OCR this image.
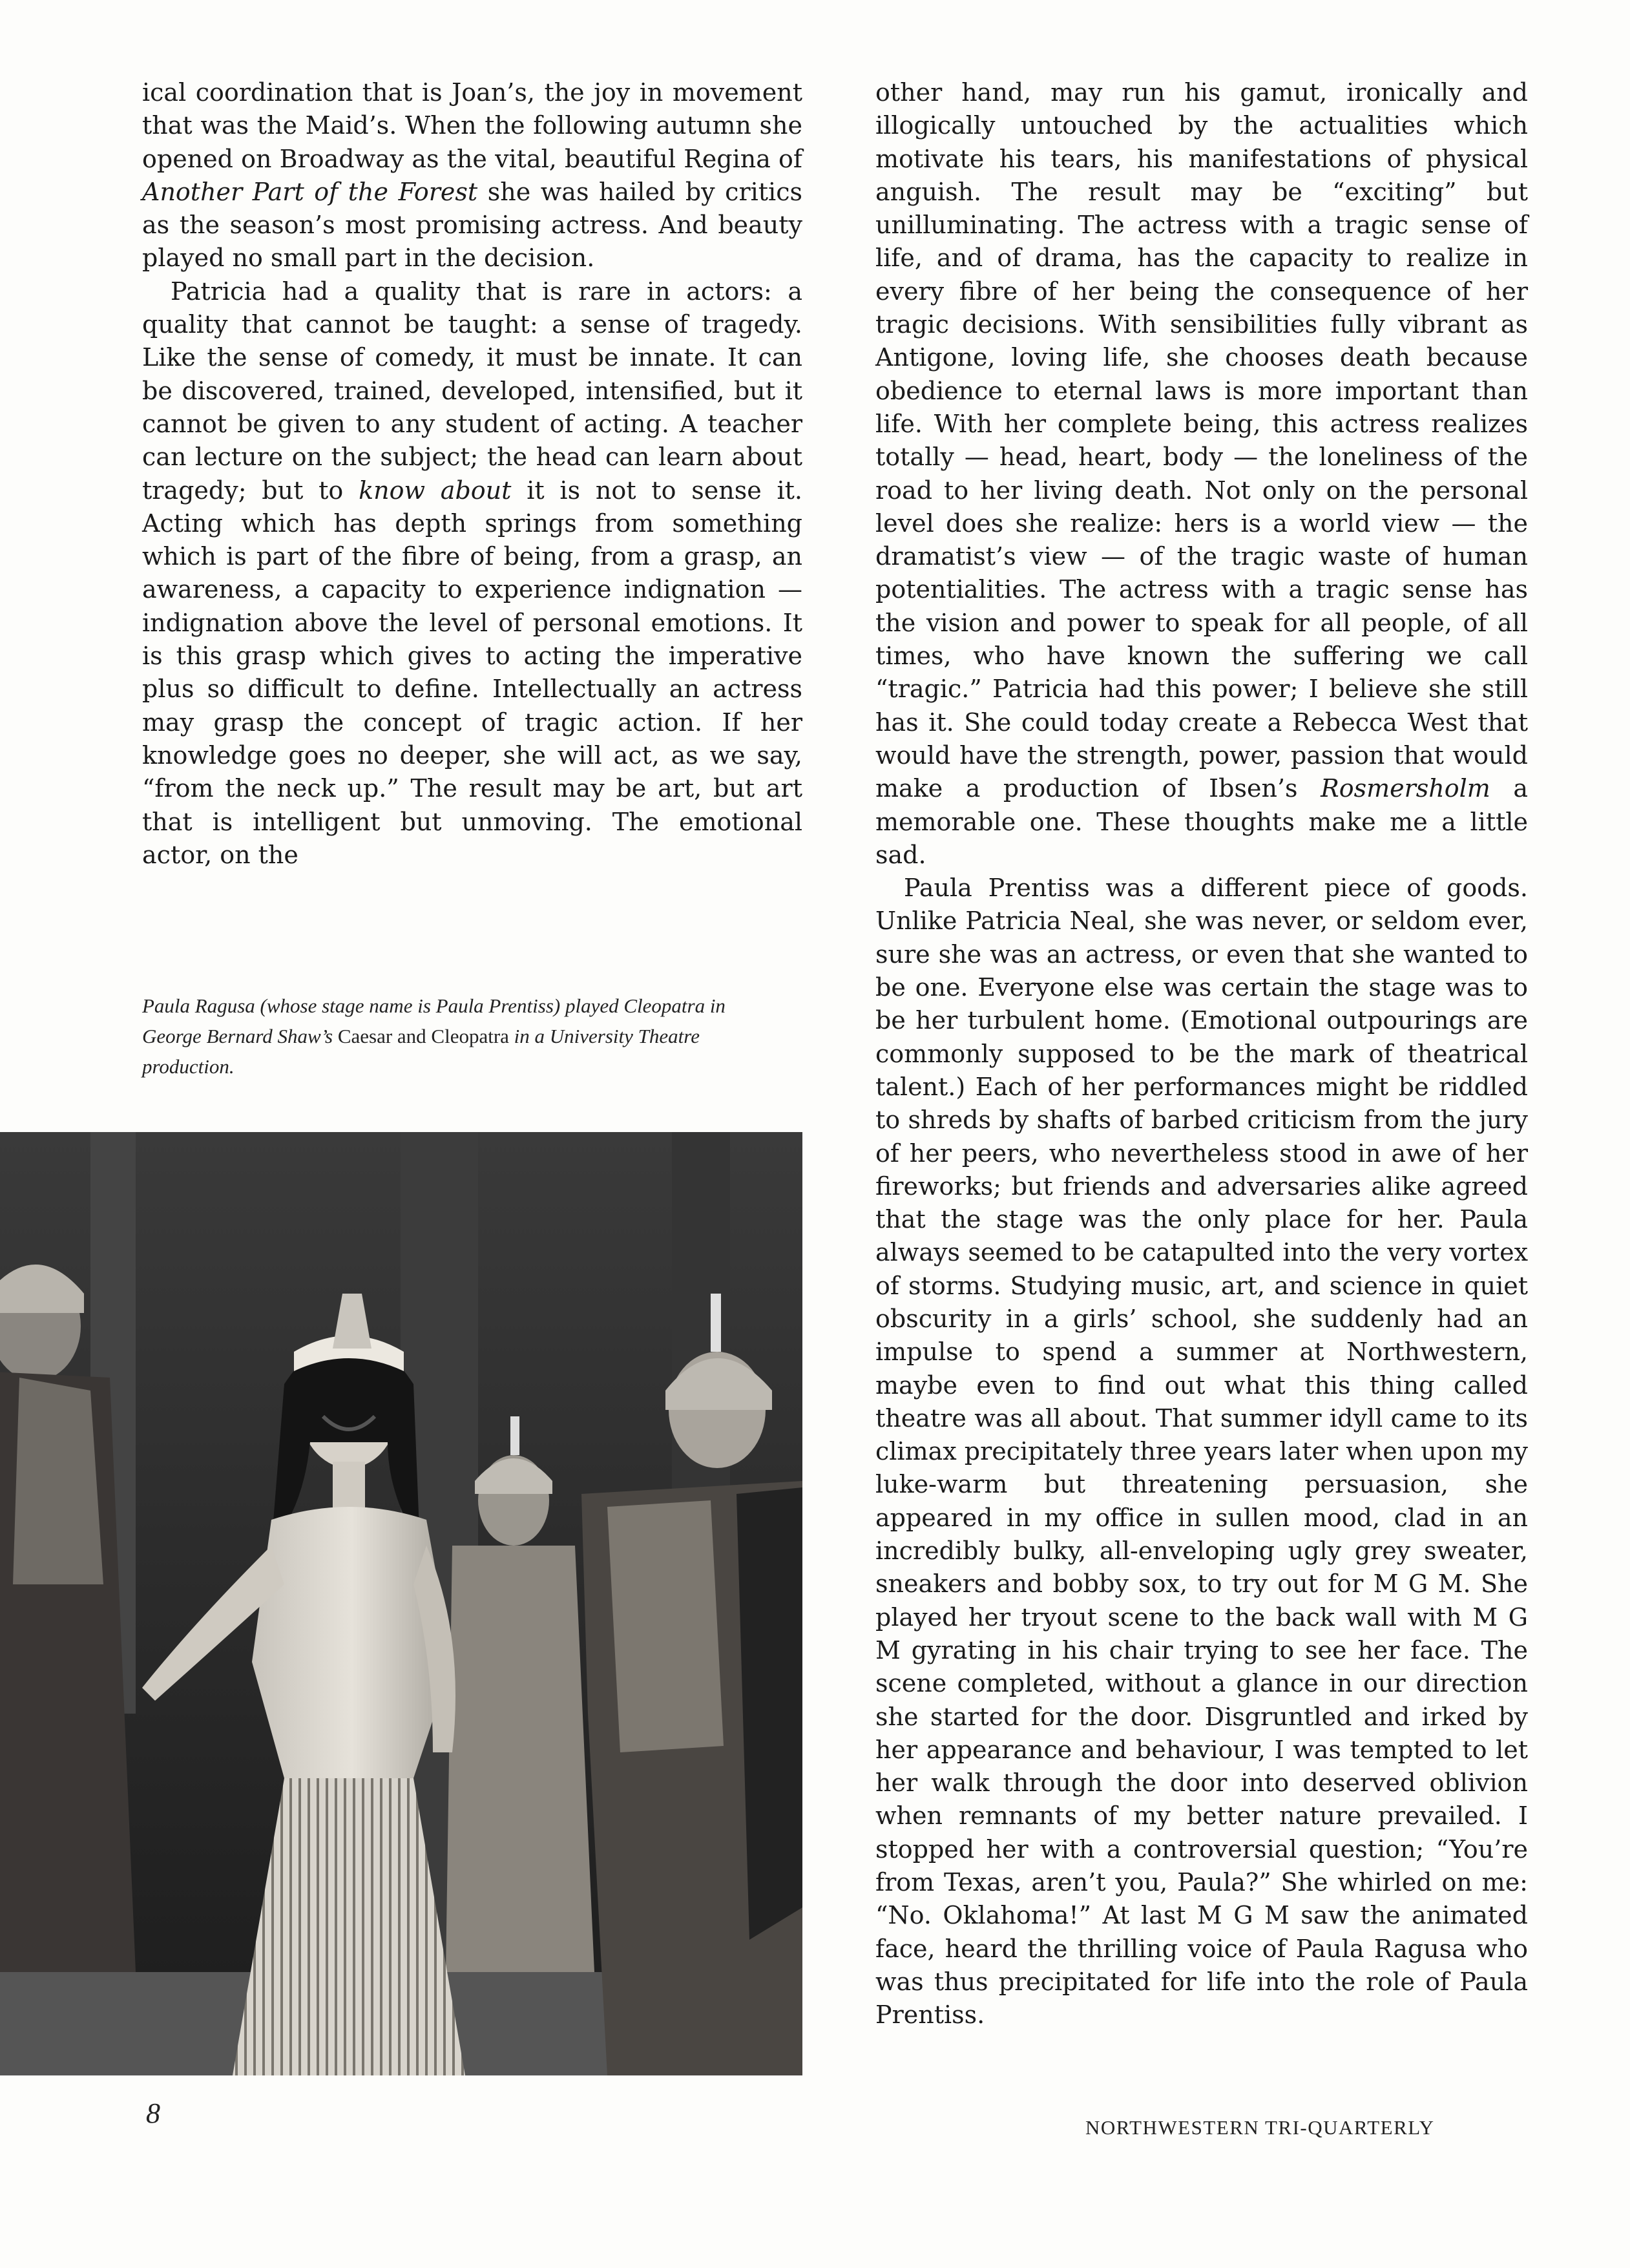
ical coordination that is Joan’s, the joy in movement that was the Maid’s. When the following autumn she opened on Broadway as the vital, beautiful Regina of Another Part of the Forest she was hailed by critics as the season’s most promising actress. And beauty played no small part in the decision.

Patricia had a quality that is rare in actors: a quality that cannot be taught: a sense of tragedy. Like the sense of comedy, it must be innate. It can be discovered, trained, developed, intensified, but it cannot be given to any student of acting. A teacher can lecture on the subject; the head can learn about tragedy; but to know about it is not to sense it. Acting which has depth springs from something which is part of the fibre of being, from a grasp, an awareness, a capacity to experience indignation — indignation above the level of personal emotions. It is this grasp which gives to acting the imperative plus so difficult to define. Intellectually an actress may grasp the concept of tragic action. If her knowledge goes no deeper, she will act, as we say, “from the neck up.” The result may be art, but art that is intelligent but unmoving. The emotional actor, on the

Paula Ragusa (whose stage name is Paula Prentiss) played Cleopatra in George Bernard Shaw’s Caesar and Cleopatra in a University Theatre production.

other hand, may run his gamut, ironically and illogically untouched by the actualities which motivate his tears, his manifestations of physical anguish. The result may be “exciting” but unilluminating. The actress with a tragic sense of life, and of drama, has the capacity to realize in every fibre of her being the consequence of her tragic decisions. With sensibilities fully vibrant as Antigone, loving life, she chooses death because obedience to eternal laws is more important than life. With her complete being, this actress realizes totally — head, heart, body — the loneliness of the road to her living death. Not only on the personal level does she realize: hers is a world view — the dramatist’s view — of the tragic waste of human potentialities. The actress with a tragic sense has the vision and power to speak for all people, of all times, who have known the suffering we call “tragic.” Patricia had this power; I believe she still has it. She could today create a Rebecca West that would have the strength, power, passion that would make a production of Ibsen’s Rosmersholm a memorable one. These thoughts make me a little sad.

Paula Prentiss was a different piece of goods. Unlike Patricia Neal, she was never, or seldom ever, sure she was an actress, or even that she wanted to be one. Everyone else was certain the stage was to be her turbulent home. (Emotional outpourings are commonly supposed to be the mark of theatrical talent.) Each of her performances might be riddled to shreds by shafts of barbed criticism from the jury of her peers, who nevertheless stood in awe of her fireworks; but friends and adversaries alike agreed that the stage was the only place for her. Paula always seemed to be catapulted into the very vortex of storms. Studying music, art, and science in quiet obscurity in a girls’ school, she suddenly had an impulse to spend a summer at Northwestern, maybe even to find out what this thing called theatre was all about. That summer idyll came to its climax precipitately three years later when upon my luke-warm but threatening persuasion, she appeared in my office in sullen mood, clad in an incredibly bulky, all-enveloping ugly grey sweater, sneakers and bobby sox, to try out for M G M. She played her tryout scene to the back wall with M G M gyrating in his chair trying to see her face. The scene completed, without a glance in our direction she started for the door. Disgruntled and irked by her appearance and behaviour, I was tempted to let her walk through the door into deserved oblivion when remnants of my better nature prevailed. I stopped her with a controversial question; “You’re from Texas, aren’t you, Paula?” She whirled on me: “No. Oklahoma!” At last M G M saw the animated face, heard the thrilling voice of Paula Ragusa who was thus precipitated for life into the role of Paula Prentiss.

8	NORTHWESTERN TRI-QUARTERLY
